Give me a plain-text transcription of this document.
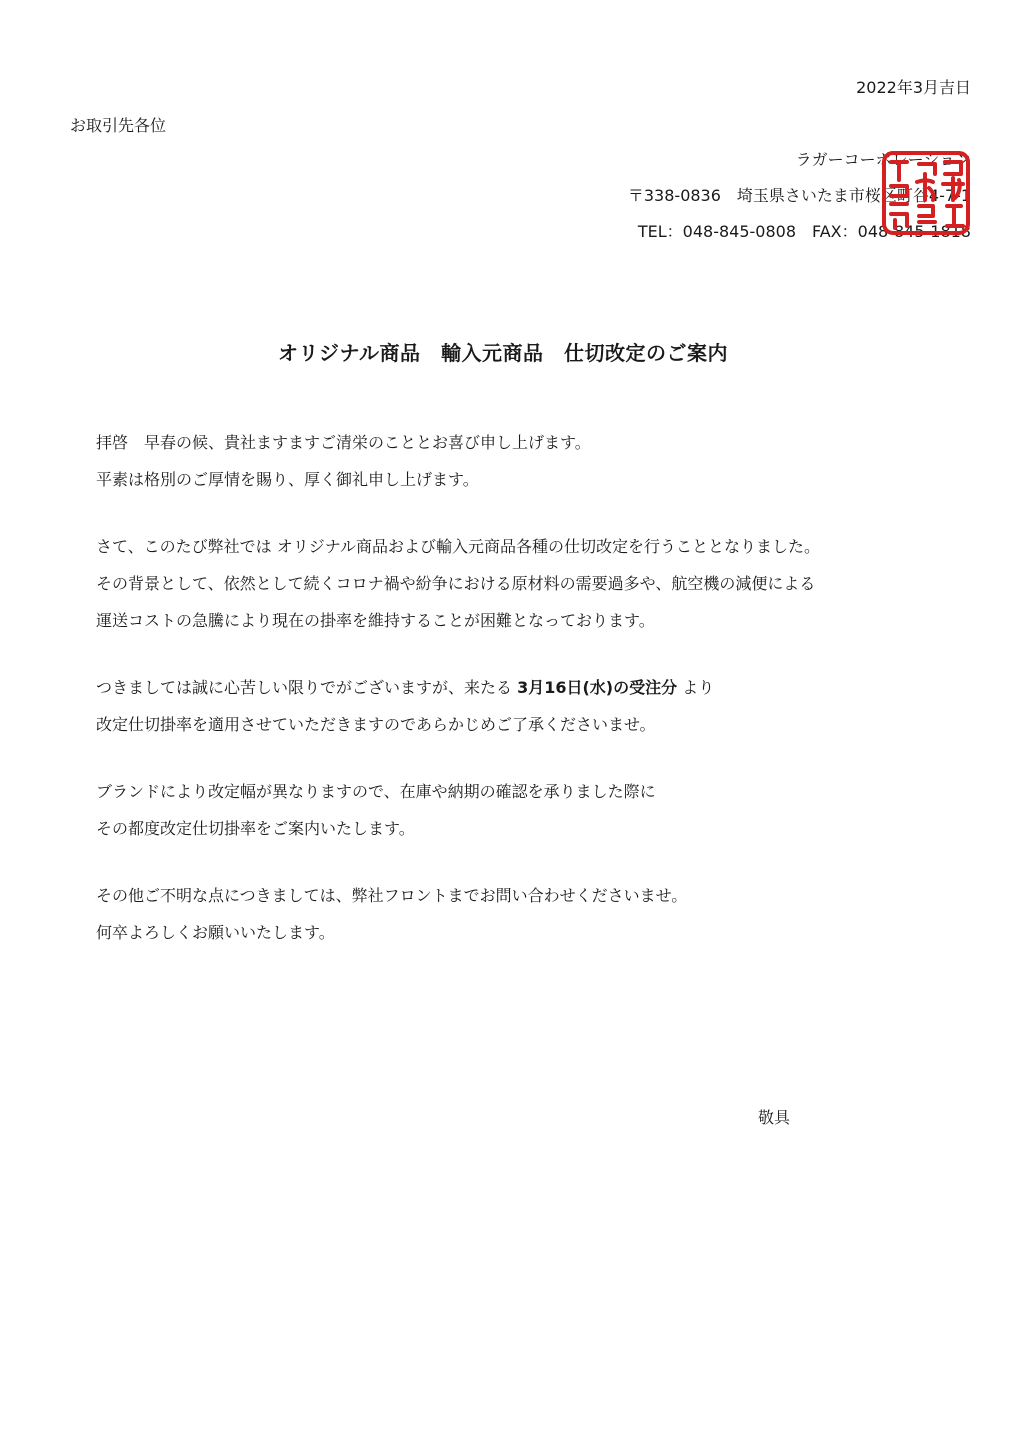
2022年3月吉日
お取引先各位
ラガーコーポレーション
〒338-0836　埼玉県さいたま市桜区町谷4-7-1
TEL：048-845-0808　FAX：048-845-1818
オリジナル商品　輸入元商品　仕切改定のご案内
拝啓　早春の候、貴社ますますご清栄のこととお喜び申し上げます。
平素は格別のご厚情を賜り、厚く御礼申し上げます。
さて、このたび弊社では オリジナル商品および輸入元商品各種の仕切改定を行うこととなりました。
その背景として、依然として続くコロナ禍や紛争における原材料の需要過多や、航空機の減便による
運送コストの急騰により現在の掛率を維持することが困難となっております。
つきましては誠に心苦しい限りでがございますが、来たる 3月16日(水)の受注分 より
改定仕切掛率を適用させていただきますのであらかじめご了承くださいませ。
ブランドにより改定幅が異なりますので、在庫や納期の確認を承りました際に
その都度改定仕切掛率をご案内いたします。
その他ご不明な点につきましては、弊社フロントまでお問い合わせくださいませ。
何卒よろしくお願いいたします。
敬具
